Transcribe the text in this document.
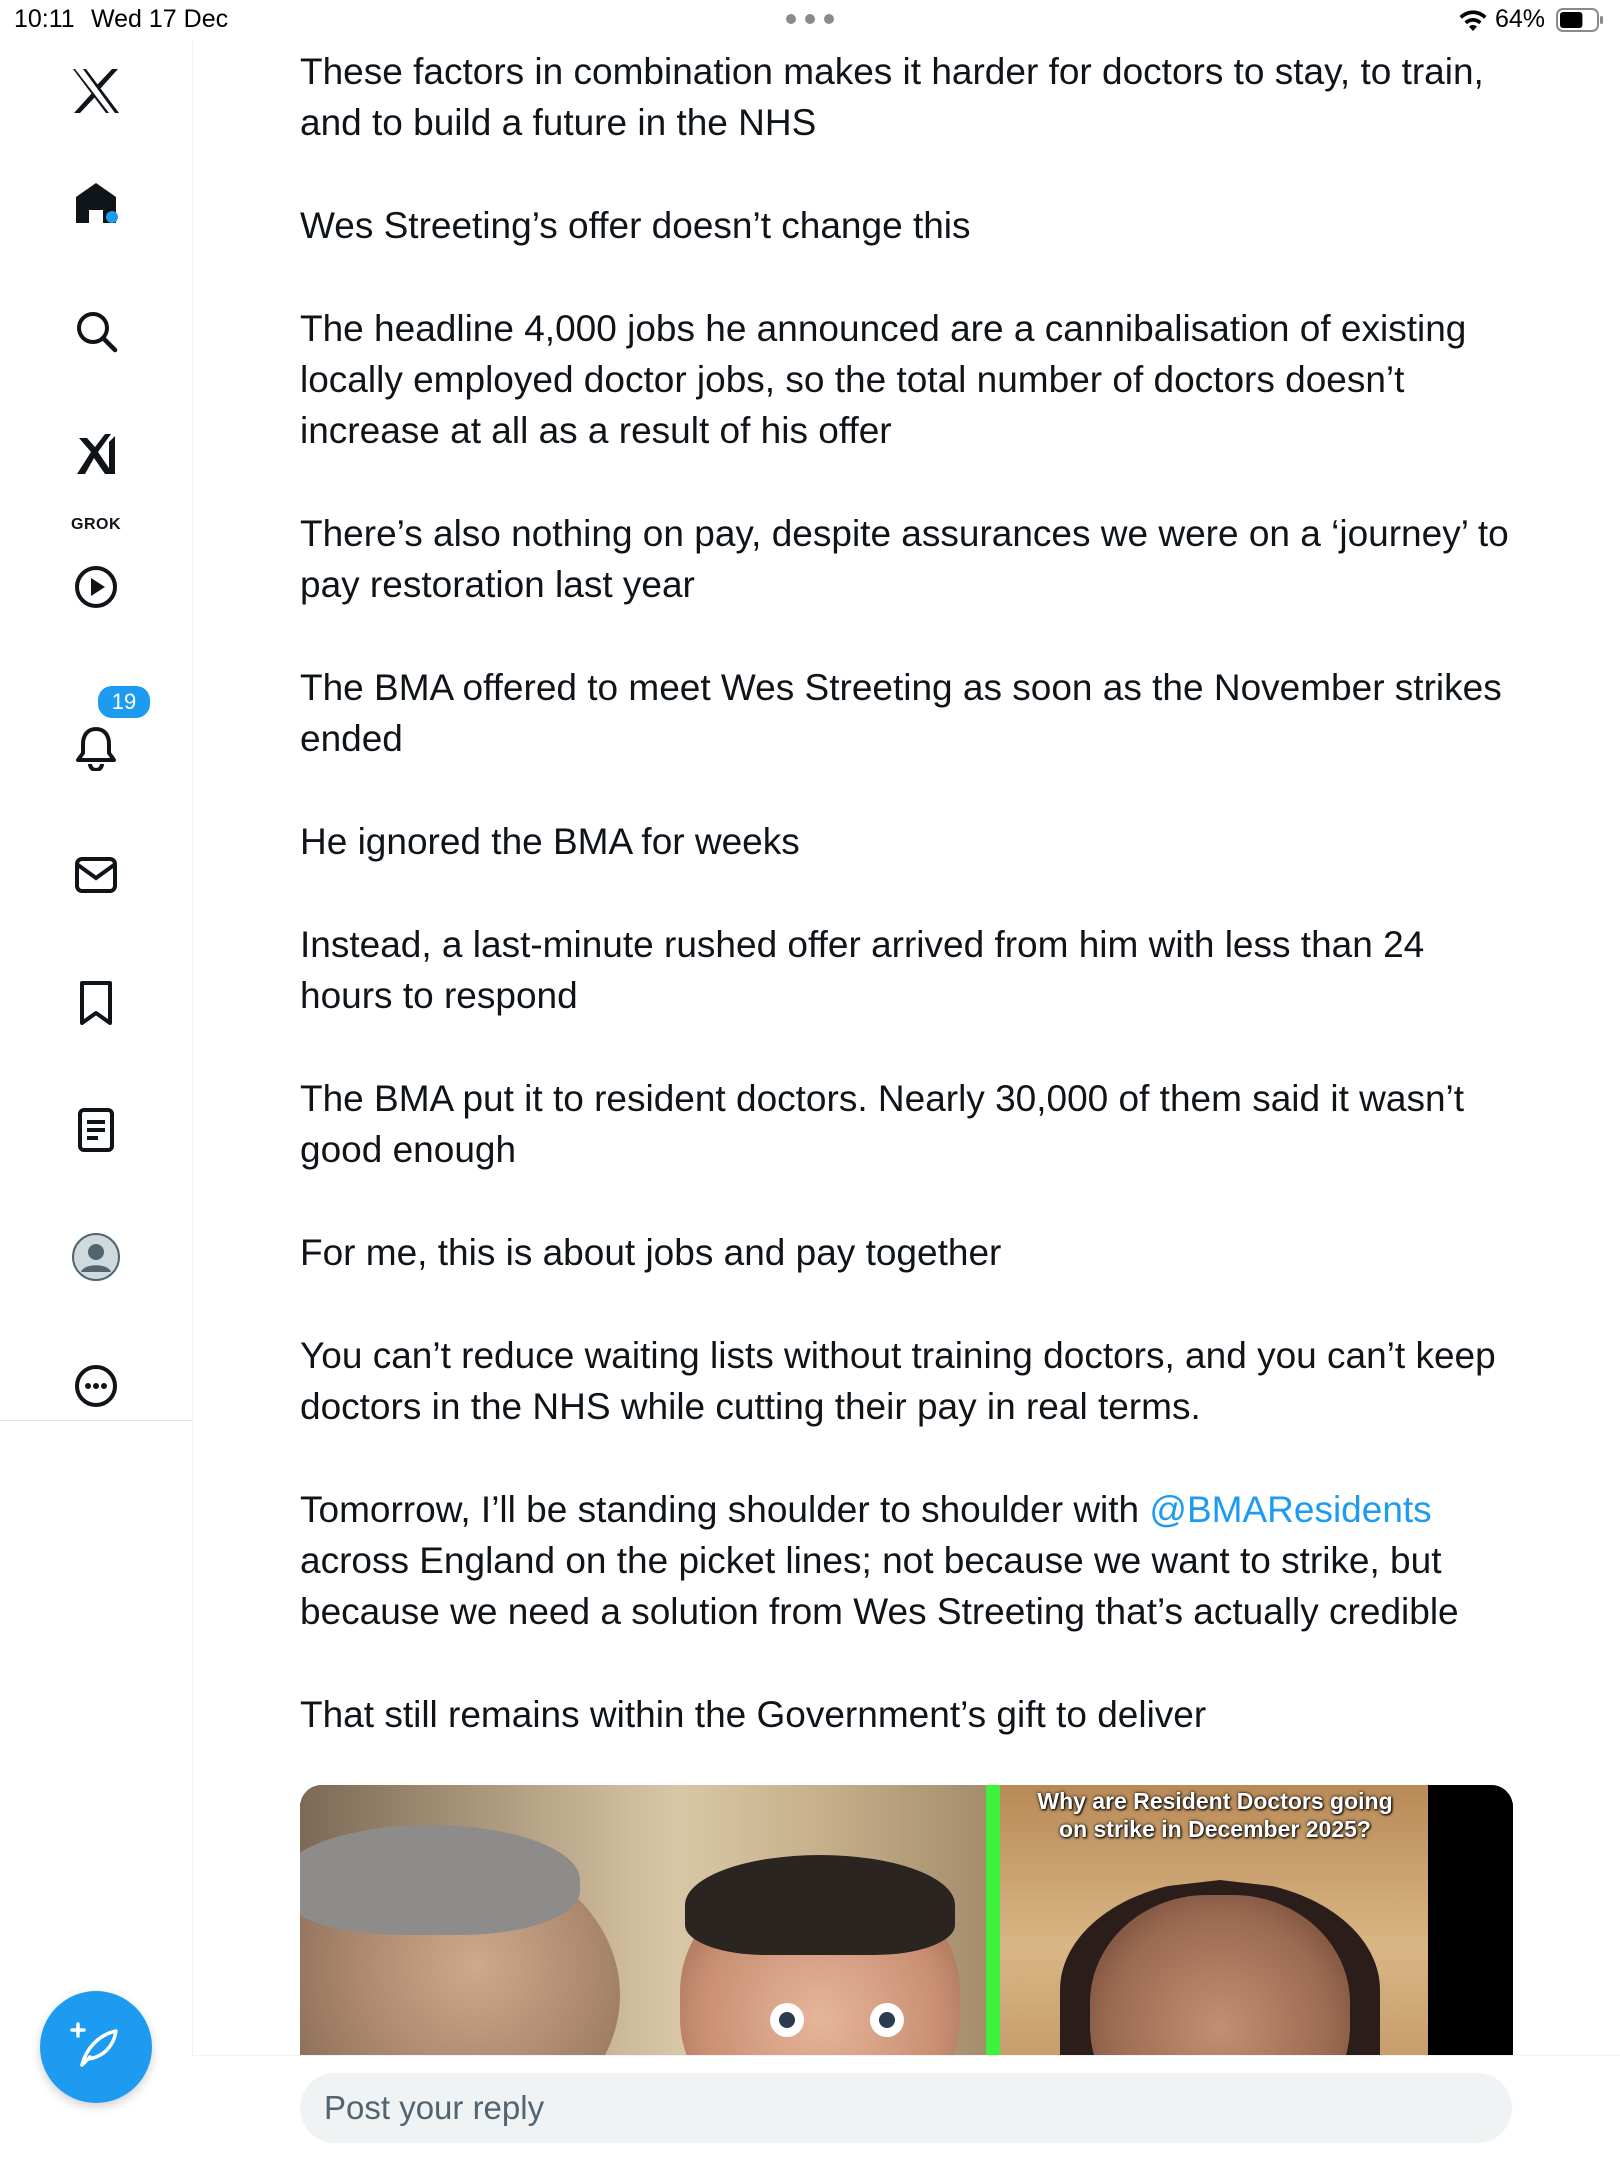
10:11 Wed 17 Dec	64%
GROK
19

These factors in combination makes it harder for doctors to stay, to train, and to build a future in the NHS

Wes Streeting’s offer doesn’t change this

The headline 4,000 jobs he announced are a cannibalisation of existing locally employed doctor jobs, so the total number of doctors doesn’t increase at all as a result of his offer

There’s also nothing on pay, despite assurances we were on a ‘journey’ to pay restoration last year

The BMA offered to meet Wes Streeting as soon as the November strikes ended

He ignored the BMA for weeks

Instead, a last-minute rushed offer arrived from him with less than 24 hours to respond

The BMA put it to resident doctors. Nearly 30,000 of them said it wasn’t good enough

For me, this is about jobs and pay together

You can’t reduce waiting lists without training doctors, and you can’t keep doctors in the NHS while cutting their pay in real terms.

Tomorrow, I’ll be standing shoulder to shoulder with @BMAResidents across England on the picket lines; not because we want to strike, but because we need a solution from Wes Streeting that’s actually credible

That still remains within the Government’s gift to deliver

Why are Resident Doctors going on strike in December 2025?
Post your reply
